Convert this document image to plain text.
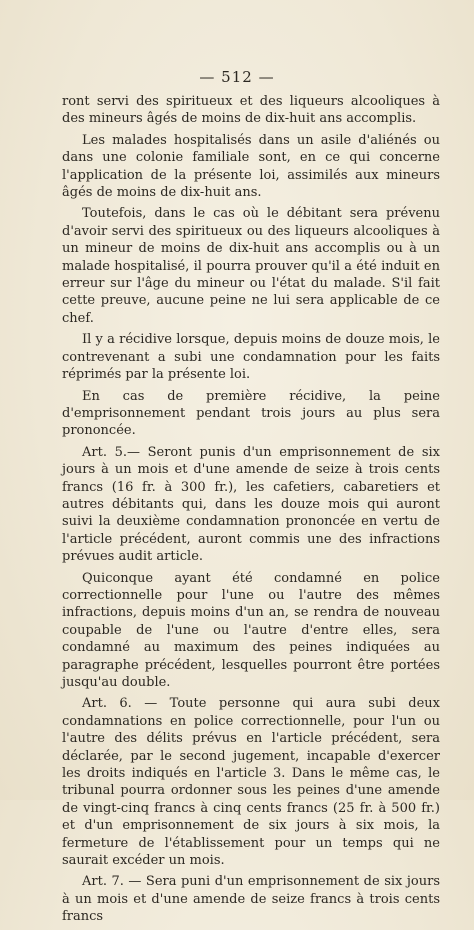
— 512 —

ront servi des spiritueux et des liqueurs alcooliques à des mineurs âgés de moins de dix-huit ans accomplis.

Les malades hospitalisés dans un asile d'aliénés ou dans une colonie familiale sont, en ce qui concerne l'application de la présente loi, assimilés aux mineurs âgés de moins de dix-huit ans.

Toutefois, dans le cas où le débitant sera prévenu d'avoir servi des spiritueux ou des liqueurs alcooliques à un mineur de moins de dix-huit ans accomplis ou à un malade hospitalisé, il pourra prouver qu'il a été induit en erreur sur l'âge du mineur ou l'état du malade. S'il fait cette preuve, aucune peine ne lui sera applicable de ce chef.

Il y a récidive lorsque, depuis moins de douze mois, le contrevenant a subi une condamnation pour les faits réprimés par la présente loi.

En cas de première récidive, la peine d'emprisonnement pendant trois jours au plus sera prononcée.

Art. 5.— Seront punis d'un emprisonnement de six jours à un mois et d'une amende de seize à trois cents francs (16 fr. à 300 fr.), les cafetiers, cabaretiers et autres débitants qui, dans les douze mois qui auront suivi la deuxième condamnation prononcée en vertu de l'article précédent, auront commis une des infractions prévues audit article.

Quiconque ayant été condamné en police correctionnelle pour l'une ou l'autre des mêmes infractions, depuis moins d'un an, se rendra de nouveau coupable de l'une ou l'autre d'entre elles, sera condamné au maximum des peines indiquées au paragraphe précédent, lesquelles pourront être portées jusqu'au double.

Art. 6. — Toute personne qui aura subi deux condamnations en police correctionnelle, pour l'un ou l'autre des délits prévus en l'article précédent, sera déclarée, par le second jugement, incapable d'exercer les droits indiqués en l'article 3. Dans le même cas, le tribunal pourra ordonner sous les peines d'une amende de vingt-cinq francs à cinq cents francs (25 fr. à 500 fr.) et d'un emprisonnement de six jours à six mois, la fermeture de l'établissement pour un temps qui ne saurait excéder un mois.

Art. 7. — Sera puni d'un emprisonnement de six jours à un mois et d'une amende de seize francs à trois cents francs
